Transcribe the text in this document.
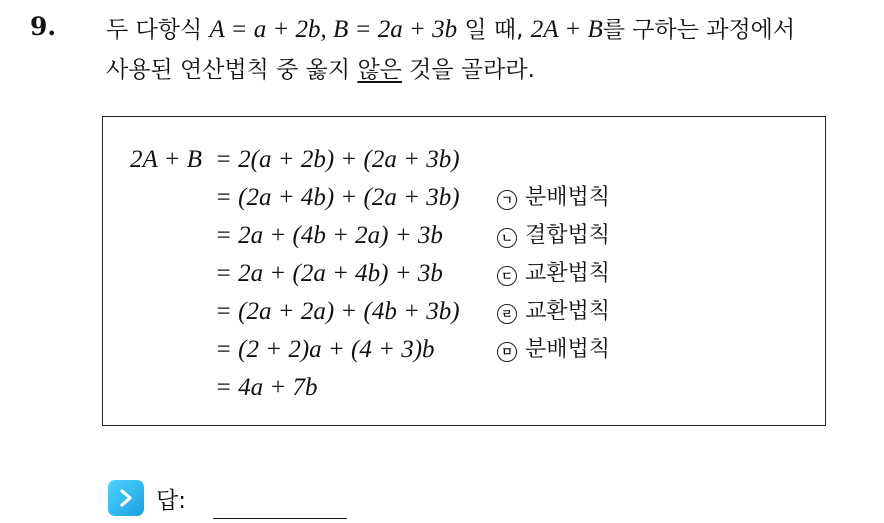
9. 두 다항식 A = a + 2b, B = 2a + 3b 일 때, 2A + B를 구하는 과정에서
사용된 연산법칙 중 옳지 않은 것을 골라라.
2A + B = 2(a + 2b) + (2a + 3b)
= (2a + 4b) + (2a + 3b)	ㄱ 분배법칙
= 2a + (4b + 2a) + 3b	ㄴ 결합법칙
= 2a + (2a + 4b) + 3b	ㄷ 교환법칙
= (2a + 2a) + (4b + 3b)	ㄹ 교환법칙
= (2 + 2)a + (4 + 3)b	ㅁ 분배법칙
= 4a + 7b
답:
